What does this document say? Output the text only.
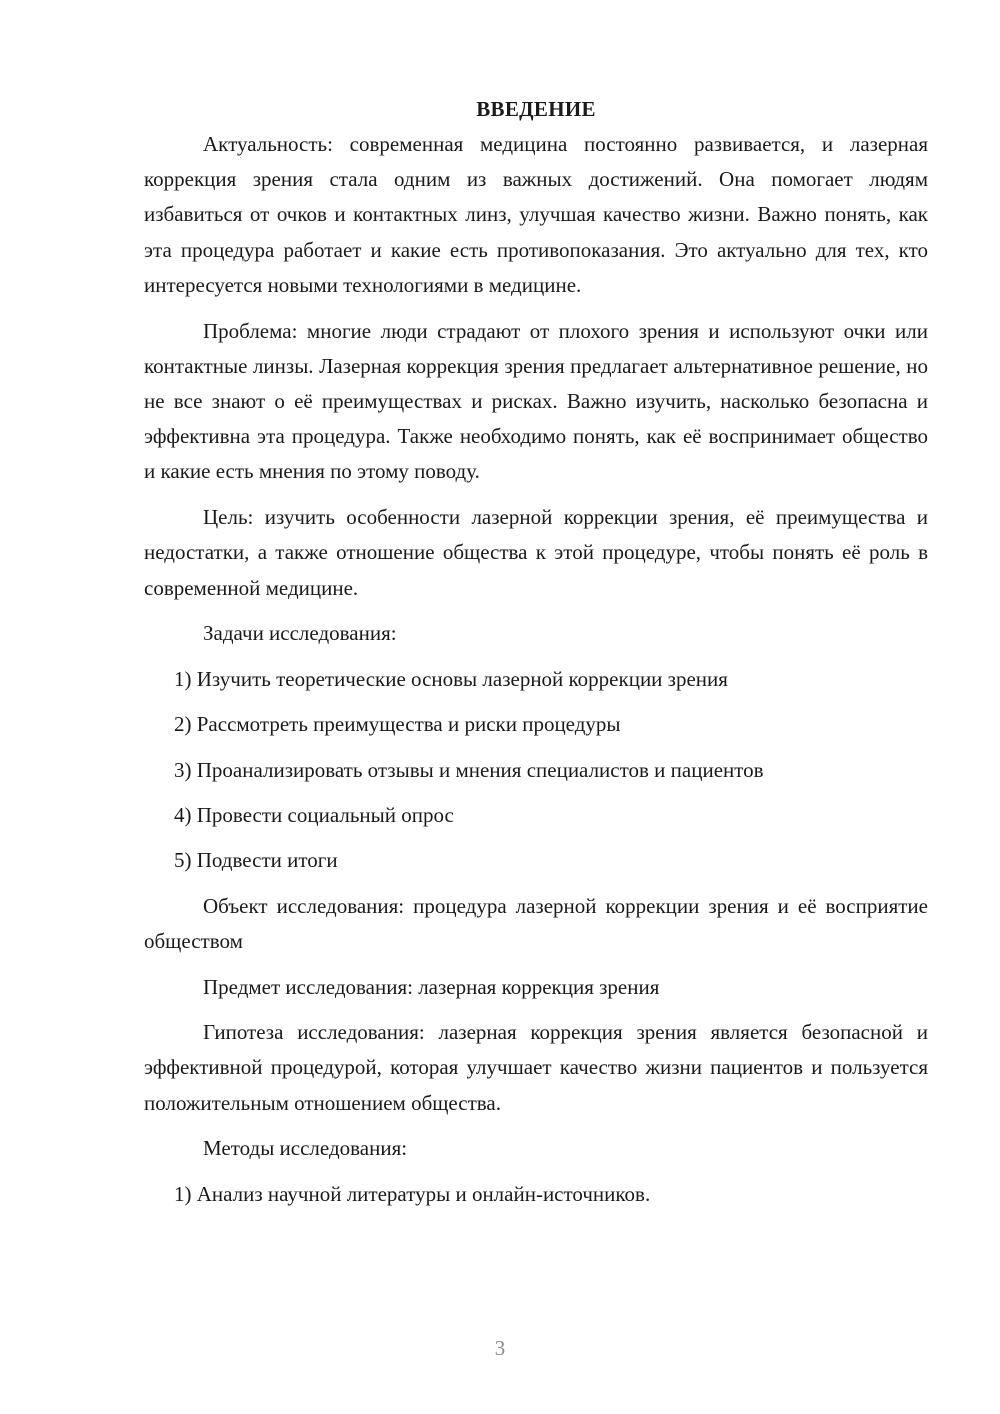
ВВЕДЕНИЕ

Актуальность: современная медицина постоянно развивается, и лазерная коррекция зрения стала одним из важных достижений. Она помогает людям избавиться от очков и контактных линз, улучшая качество жизни. Важно понять, как эта процедура работает и какие есть противопоказания. Это актуально для тех, кто интересуется новыми технологиями в медицине.

Проблема: многие люди страдают от плохого зрения и используют очки или контактные линзы. Лазерная коррекция зрения предлагает альтернативное решение, но не все знают о её преимуществах и рисках. Важно изучить, насколько безопасна и эффективна эта процедура. Также необходимо понять, как её воспринимает общество и какие есть мнения по этому поводу.

Цель: изучить особенности лазерной коррекции зрения, её преимущества и недостатки, а также отношение общества к этой процедуре, чтобы понять её роль в современной медицине.

Задачи исследования:

1) Изучить теоретические основы лазерной коррекции зрения

2) Рассмотреть преимущества и риски процедуры

3) Проанализировать отзывы и мнения специалистов и пациентов

4) Провести социальный опрос

5) Подвести итоги

Объект исследования: процедура лазерной коррекции зрения и её восприятие обществом

Предмет исследования: лазерная коррекция зрения

Гипотеза исследования: лазерная коррекция зрения является безопасной и эффективной процедурой, которая улучшает качество жизни пациентов и пользуется положительным отношением общества.

Методы исследования:

1) Анализ научной литературы и онлайн-источников.

3
